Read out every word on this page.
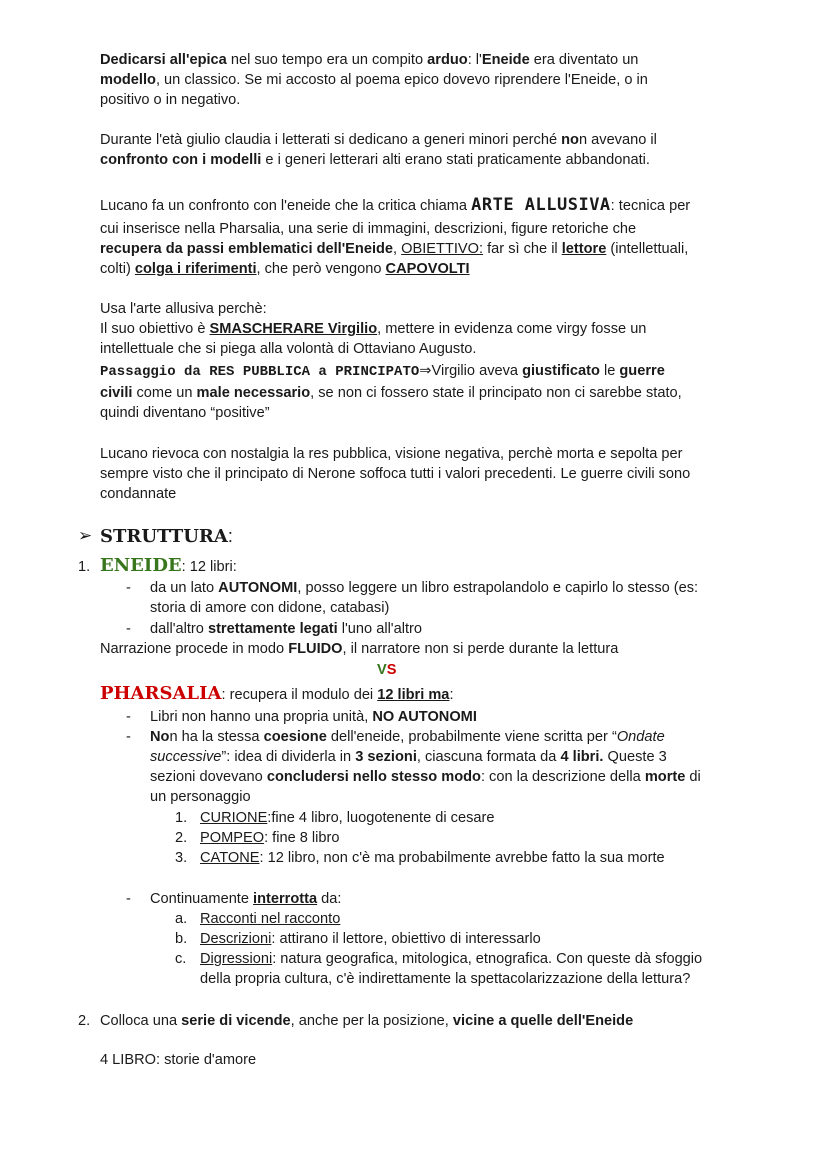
Dedicarsi all'epica nel suo tempo era un compito arduo: l'Eneide era diventato un
modello, un classico. Se mi accosto al poema epico dovevo riprendere l'Eneide, o in
positivo o in negativo.
Durante l'età giulio claudia i letterati si dedicano a generi minori perché non avevano il
confronto con i modelli e i generi letterari alti erano stati praticamente abbandonati.
Lucano fa un confronto con l'eneide che la critica chiama ARTE ALLUSIVA: tecnica per
cui inserisce nella Pharsalia, una serie di immagini, descrizioni, figure retoriche che
recupera da passi emblematici dell'Eneide, OBIETTIVO: far sì che il lettore (intellettuali,
colti) colga i riferimenti, che però vengono CAPOVOLTI
Usa l'arte allusiva perchè:
Il suo obiettivo è SMASCHERARE Virgilio, mettere in evidenza come virgy fosse un
intellettuale che si piega alla volontà di Ottaviano Augusto.
Passaggio da RES PUBBLICA a PRINCIPATO⇒Virgilio aveva giustificato le guerre
civili come un male necessario, se non ci fossero state il principato non ci sarebbe stato,
quindi diventano “positive”
Lucano rievoca con nostalgia la res pubblica, visione negativa, perchè morta e sepolta per
sempre visto che il principato di Nerone soffoca tutti i valori precedenti. Le guerre civili sono
condannate
➢ STRUTTURA:
1. ENEIDE: 12 libri:
- da un lato AUTONOMI, posso leggere un libro estrapolandolo e capirlo lo stesso (es:
storia di amore con didone, catabasi)
- dall'altro strettamente legati l'uno all'altro
Narrazione procede in modo FLUIDO, il narratore non si perde durante la lettura
VS
PHARSALIA: recupera il modulo dei 12 libri ma:
- Libri non hanno una propria unità, NO AUTONOMI
- Non ha la stessa coesione dell'eneide, probabilmente viene scritta per “Ondate
successive”: idea di dividerla in 3 sezioni, ciascuna formata da 4 libri. Queste 3
sezioni dovevano concludersi nello stesso modo: con la descrizione della morte di
un personaggio
1. CURIONE:fine 4 libro, luogotenente di cesare
2. POMPEO: fine 8 libro
3. CATONE: 12 libro, non c'è ma probabilmente avrebbe fatto la sua morte
- Continuamente interrotta da:
a. Racconti nel racconto
b. Descrizioni: attirano il lettore, obiettivo di interessarlo
c. Digressioni: natura geografica, mitologica, etnografica. Con queste dà sfoggio
della propria cultura, c'è indirettamente la spettacolarizzazione della lettura?
2. Colloca una serie di vicende, anche per la posizione, vicine a quelle dell'Eneide
4 LIBRO: storie d'amore
